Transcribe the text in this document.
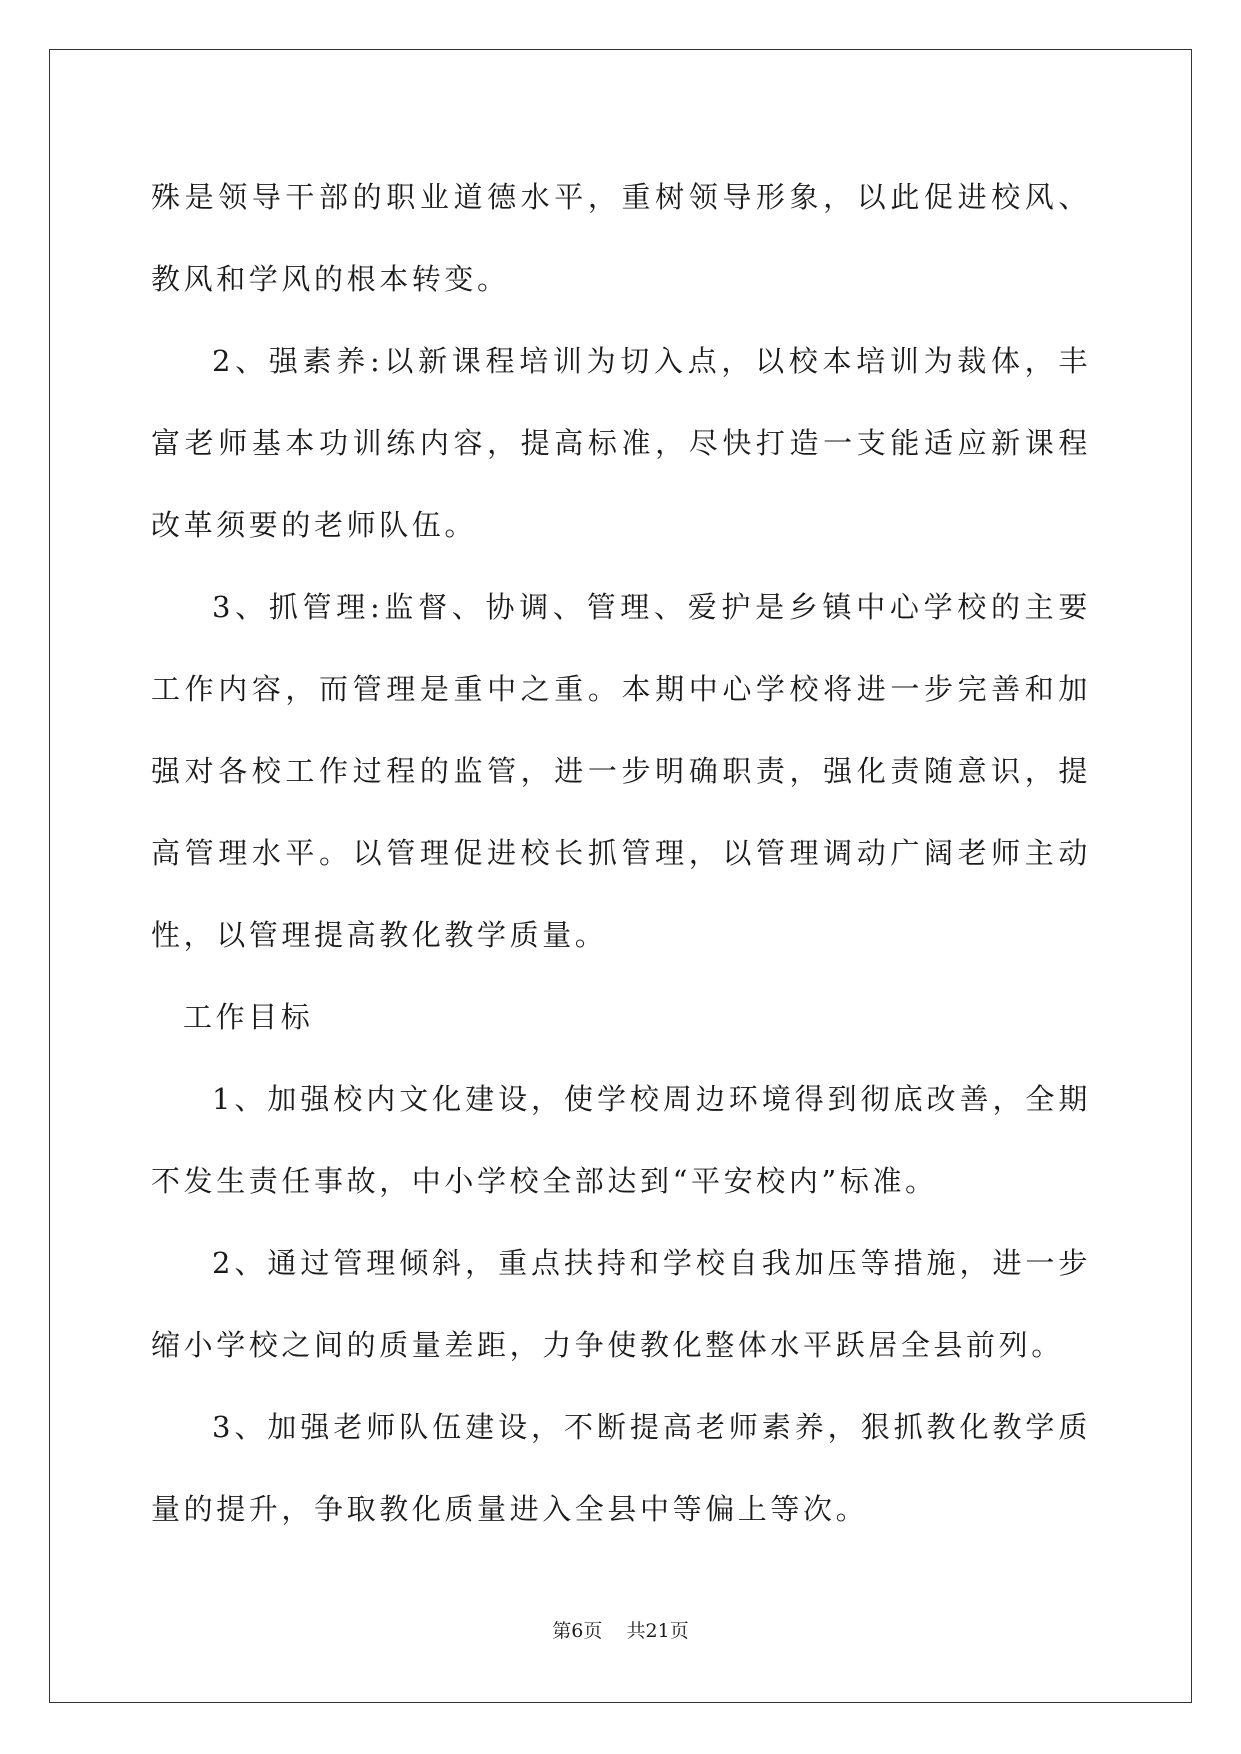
殊是领导干部的职业道德水平，重树领导形象，以此促进校风、教风和学风的根本转变。

2、强素养:以新课程培训为切入点，以校本培训为裁体，丰富老师基本功训练内容，提高标准，尽快打造一支能适应新课程改革须要的老师队伍。

3、抓管理:监督、协调、管理、爱护是乡镇中心学校的主要工作内容，而管理是重中之重。本期中心学校将进一步完善和加强对各校工作过程的监管，进一步明确职责，强化责随意识，提高管理水平。以管理促进校长抓管理，以管理调动广阔老师主动性，以管理提高教化教学质量。

工作目标

1、加强校内文化建设，使学校周边环境得到彻底改善，全期不发生责任事故，中小学校全部达到“平安校内”标准。

2、通过管理倾斜，重点扶持和学校自我加压等措施，进一步缩小学校之间的质量差距，力争使教化整体水平跃居全县前列。

3、加强老师队伍建设，不断提高老师素养，狠抓教化教学质量的提升，争取教化质量进入全县中等偏上等次。

第6页 共21页
